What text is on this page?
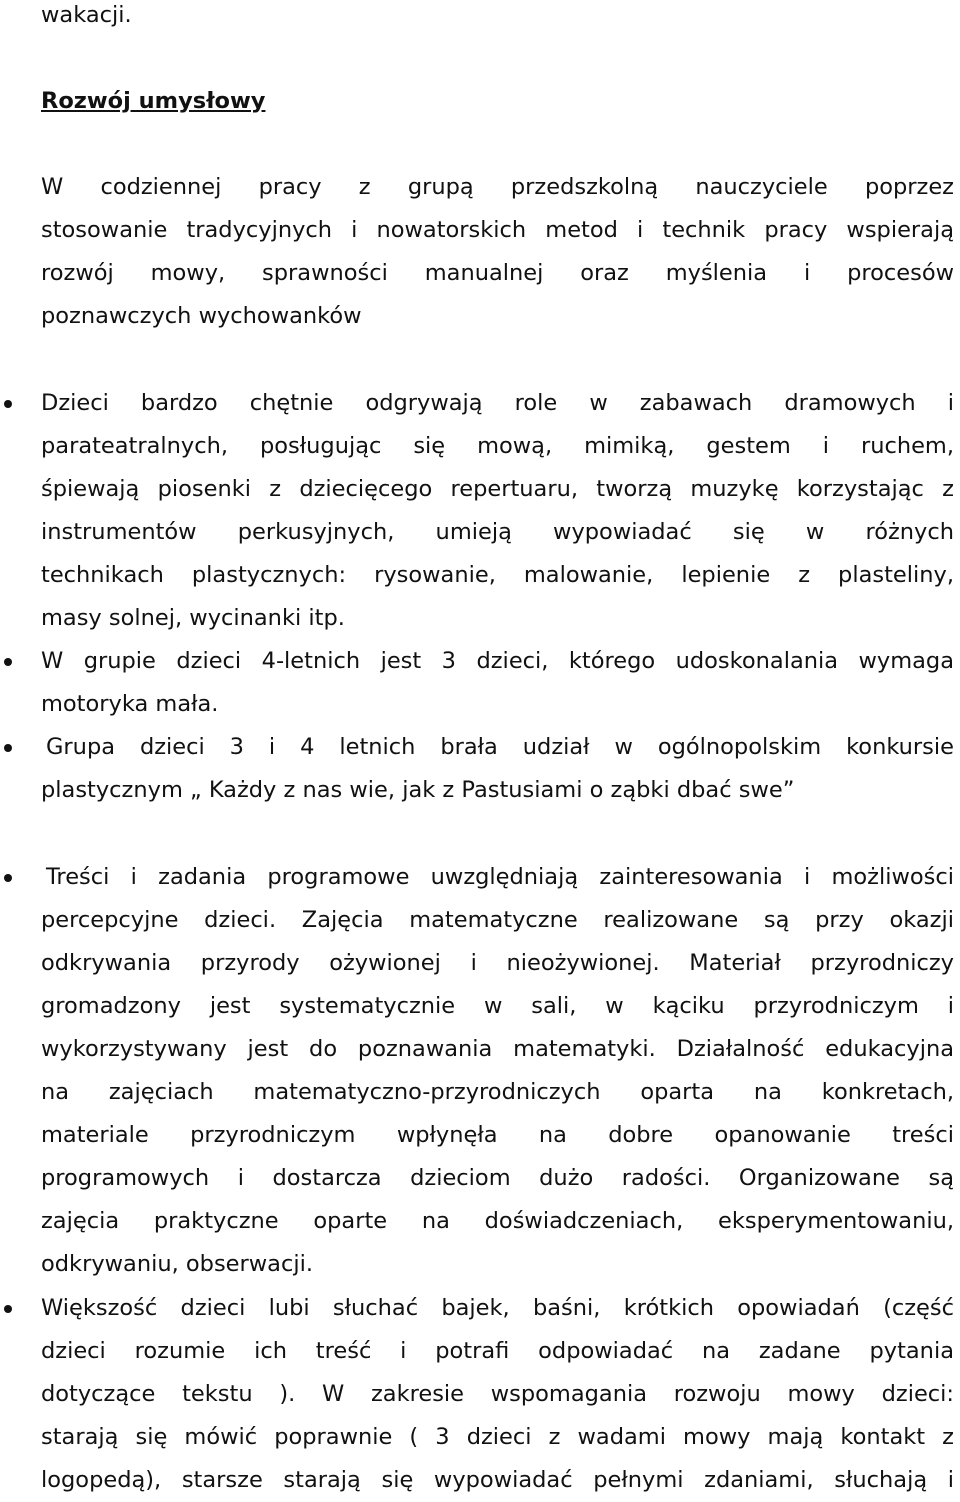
wakacji.
Rozwój umysłowy
W codziennej pracy z grupą przedszkolną nauczyciele poprzez
stosowanie tradycyjnych i nowatorskich metod i technik pracy wspierają
rozwój mowy, sprawności manualnej oraz myślenia i procesów
poznawczych wychowanków
Dzieci bardzo chętnie odgrywają role w zabawach dramowych i
parateatralnych, posługując się mową, mimiką, gestem i ruchem,
śpiewają piosenki z dziecięcego repertuaru, tworzą muzykę korzystając z
instrumentów perkusyjnych, umieją wypowiadać się w różnych
technikach plastycznych: rysowanie, malowanie, lepienie z plasteliny,
masy solnej, wycinanki itp.
W grupie dzieci 4-letnich jest 3 dzieci, którego udoskonalania wymaga
motoryka mała.
Grupa dzieci 3 i 4 letnich brała udział w ogólnopolskim konkursie
plastycznym „ Każdy z nas wie, jak z Pastusiami o ząbki dbać swe”
Treści i zadania programowe uwzględniają zainteresowania i możliwości
percepcyjne dzieci. Zajęcia matematyczne realizowane są przy okazji
odkrywania przyrody ożywionej i nieożywionej. Materiał przyrodniczy
gromadzony jest systematycznie w sali, w kąciku przyrodniczym i
wykorzystywany jest do poznawania matematyki. Działalność edukacyjna
na zajęciach matematyczno-przyrodniczych oparta na konkretach,
materiale przyrodniczym wpłynęła na dobre opanowanie treści
programowych i dostarcza dzieciom dużo radości. Organizowane są
zajęcia praktyczne oparte na doświadczeniach, eksperymentowaniu,
odkrywaniu, obserwacji.
Większość dzieci lubi słuchać bajek, baśni, krótkich opowiadań (część
dzieci rozumie ich treść i potrafi odpowiadać na zadane pytania
dotyczące tekstu ). W zakresie wspomagania rozwoju mowy dzieci:
starają się mówić poprawnie ( 3 dzieci z wadami mowy mają kontakt z
logopedą), starsze starają się wypowiadać pełnymi zdaniami, słuchają i
